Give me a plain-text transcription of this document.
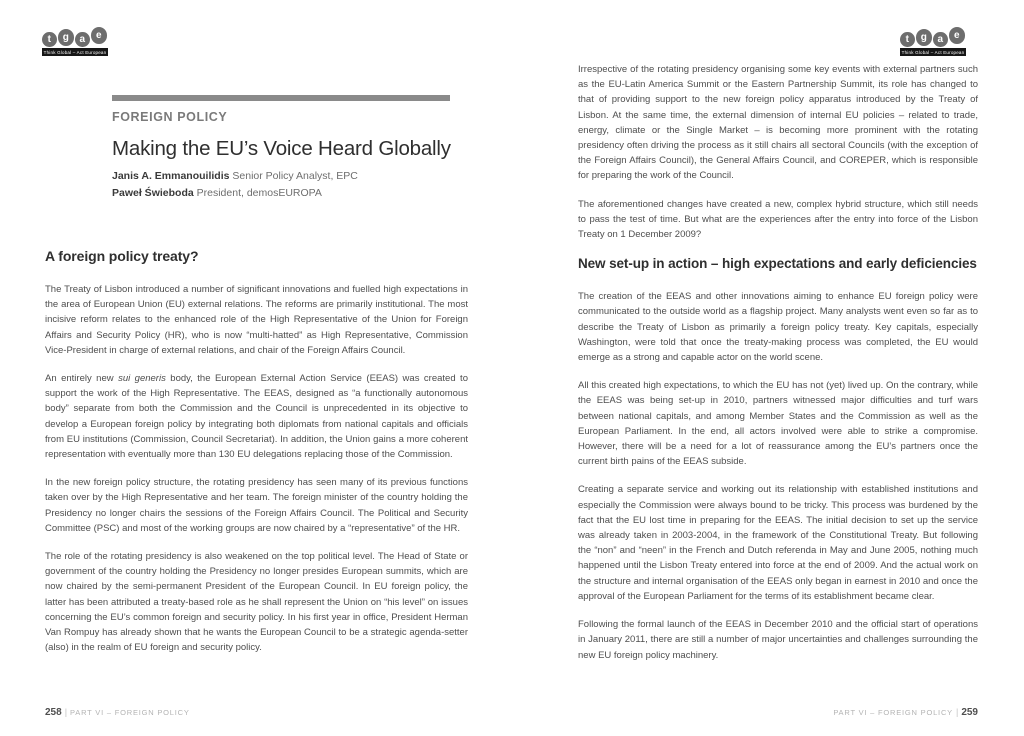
t	g	a	e
Think Global – Act European
FOREIGN POLICY
Making the EU’s Voice Heard Globally
Janis A. Emmanouilidis Senior Policy Analyst, EPC
Paweł Świeboda President, demosEUROPA
A foreign policy treaty?

The Treaty of Lisbon introduced a number of significant innovations and fuelled high expectations in the area of European Union (EU) external relations. The reforms are primarily institutional. The most incisive reform relates to the enhanced role of the High Representative of the Union for Foreign Affairs and Security Policy (HR), who is now “multi-hatted” as High Representative, Commission Vice-President in charge of external relations, and chair of the Foreign Affairs Council.

An entirely new sui generis body, the European External Action Service (EEAS) was created to support the work of the High Representative. The EEAS, designed as “a functionally autonomous body” separate from both the Commission and the Council is unprecedented in its objective to develop a European foreign policy by integrating both diplomats from national capitals and officials from EU institutions (Commission, Council Secretariat). In addition, the Union gains a more coherent representation with eventually more than 130 EU delegations replacing those of the Commission.

In the new foreign policy structure, the rotating presidency has seen many of its previous functions taken over by the High Representative and her team. The foreign minister of the country holding the Presidency no longer chairs the sessions of the Foreign Affairs Council. The Political and Security Committee (PSC) and most of the working groups are now chaired by a “representative” of the HR.

The role of the rotating presidency is also weakened on the top political level. The Head of State or government of the country holding the Presidency no longer presides European summits, which are now chaired by the semi-permanent President of the European Council. In EU foreign policy, the latter has been attributed a treaty-based role as he shall represent the Union on “his level” on issues concerning the EU’s common foreign and security policy. In his first year in office, President Herman Van Rompuy has already shown that he wants the European Council to be a strategic agenda-setter (also) in the realm of EU foreign and security policy.

258 | PART VI – FOREIGN POLICY
t	g	a	e
Think Global – Act European

Irrespective of the rotating presidency organising some key events with external partners such as the EU-Latin America Summit or the Eastern Partnership Summit, its role has changed to that of providing support to the new foreign policy apparatus introduced by the Treaty of Lisbon. At the same time, the external dimension of internal EU policies – related to trade, energy, climate or the Single Market – is becoming more prominent with the rotating presidency often driving the process as it still chairs all sectoral Councils (with the exception of the Foreign Affairs Council), the General Affairs Council, and COREPER, which is responsible for preparing the work of the Council.

The aforementioned changes have created a new, complex hybrid structure, which still needs to pass the test of time. But what are the experiences after the entry into force of the Lisbon Treaty on 1 December 2009?

New set-up in action – high expectations and early deficiencies

The creation of the EEAS and other innovations aiming to enhance EU foreign policy were communicated to the outside world as a flagship project. Many analysts went even so far as to describe the Treaty of Lisbon as primarily a foreign policy treaty. Key capitals, especially Washington, were told that once the treaty-making process was completed, the EU would emerge as a strong and capable actor on the world scene.

All this created high expectations, to which the EU has not (yet) lived up. On the contrary, while the EEAS was being set-up in 2010, partners witnessed major difficulties and turf wars between national capitals, and among Member States and the Commission as well as the European Parliament. In the end, all actors involved were able to strike a compromise. However, there will be a need for a lot of reassurance among the EU’s partners once the current birth pains of the EEAS subside.

Creating a separate service and working out its relationship with established institutions and especially the Commission were always bound to be tricky. This process was burdened by the fact that the EU lost time in preparing for the EEAS. The initial decision to set up the service was already taken in 2003-2004, in the framework of the Constitutional Treaty. But following the “non” and “neen” in the French and Dutch referenda in May and June 2005, nothing much happened until the Lisbon Treaty entered into force at the end of 2009. And the actual work on the structure and internal organisation of the EEAS only began in earnest in 2010 and once the approval of the European Parliament for the terms of its establishment became clear.

Following the formal launch of the EEAS in December 2010 and the official start of operations in January 2011, there are still a number of major uncertainties and challenges surrounding the new EU foreign policy machinery.

PART VI – FOREIGN POLICY | 259
